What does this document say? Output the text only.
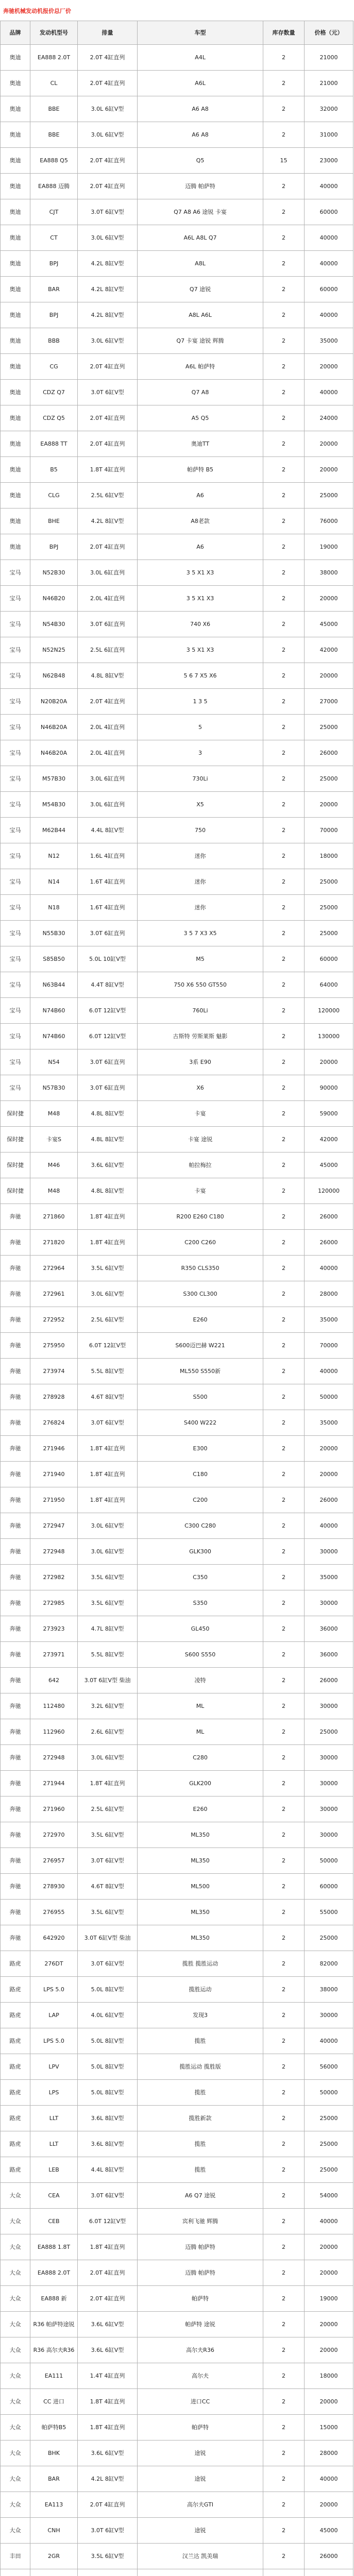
奔驰机械发动机报价总厂价
品牌	发动机型号	排量	车型	库存数量	价格（元）
奥迪	EA888 2.0T	2.0T 4缸直列	A4L	2	21000
奥迪	CL	2.0T 4缸直列	A6L	2	21000
奥迪	BBE	3.0L 6缸V型	A6 A8	2	32000
奥迪	BBE	3.0L 6缸V型	A6 A8	2	31000
奥迪	EA888 Q5	2.0T 4缸直列	Q5	15	23000
奥迪	EA888 迈腾	2.0T 4缸直列	迈腾 帕萨特	2	40000
奥迪	CJT	3.0T 6缸V型	Q7 A8 A6 途锐 卡宴	2	60000
奥迪	CT	3.0L 6缸V型	A6L A8L Q7	2	40000
奥迪	BPJ	4.2L 8缸V型	A8L	2	40000
奥迪	BAR	4.2L 8缸V型	Q7 途锐	2	60000
奥迪	BPJ	4.2L 8缸V型	A8L A6L	2	40000
奥迪	BBB	3.0L 6缸V型	Q7 卡宴 途锐 辉腾	2	35000
奥迪	CG	2.0T 4缸直列	A6L 帕萨特	2	20000
奥迪	CDZ Q7	3.0T 6缸V型	Q7 A8	2	40000
奥迪	CDZ Q5	2.0T 4缸直列	A5 Q5	2	24000
奥迪	EA888 TT	2.0T 4缸直列	奥迪TT	2	20000
奥迪	B5	1.8T 4缸直列	帕萨特 B5	2	20000
奥迪	CLG	2.5L 6缸V型	A6	2	25000
奥迪	BHE	4.2L 8缸V型	A8老款	2	76000
奥迪	BPJ	2.0T 4缸直列	A6	2	19000
宝马	N52B30	3.0L 6缸直列	3 5 X1 X3	2	38000
宝马	N46B20	2.0L 4缸直列	3 5 X1 X3	2	20000
宝马	N54B30	3.0T 6缸直列	740 X6	2	45000
宝马	N52N25	2.5L 6缸直列	3 5 X1 X3	2	42000
宝马	N62B48	4.8L 8缸V型	5 6 7 X5 X6	2	20000
宝马	N20B20A	2.0T 4缸直列	1 3 5	2	27000
宝马	N46B20A	2.0L 4缸直列	5	2	25000
宝马	N46B20A	2.0L 4缸直列	3	2	26000
宝马	M57B30	3.0L 6缸直列	730Li	2	25000
宝马	M54B30	3.0L 6缸直列	X5	2	20000
宝马	M62B44	4.4L 8缸V型	750	2	70000
宝马	N12	1.6L 4缸直列	迷你	2	18000
宝马	N14	1.6T 4缸直列	迷你	2	25000
宝马	N18	1.6T 4缸直列	迷你	2	25000
宝马	N55B30	3.0T 6缸直列	3 5 7 X3 X5	2	25000
宝马	S85B50	5.0L 10缸V型	M5	2	60000
宝马	N63B44	4.4T 8缸V型	750 X6 550 GT550	2	64000
宝马	N74B60	6.0T 12缸V型	760Li	2	120000
宝马	N74B60	6.0T 12缸V型	古斯特 劳斯莱斯 魅影	2	130000
宝马	N54	3.0T 6缸直列	3系 E90	2	20000
宝马	N57B30	3.0T 6缸直列	X6	2	90000
保时捷	M48	4.8L 8缸V型	卡宴	2	59000
保时捷	卡宴S	4.8L 8缸V型	卡宴 途锐	2	42000
保时捷	M46	3.6L 6缸V型	帕拉梅拉	2	45000
保时捷	M48	4.8L 8缸V型	卡宴	2	120000
奔驰	271860	1.8T 4缸直列	R200 E260 C180	2	26000
奔驰	271820	1.8T 4缸直列	C200 C260	2	26000
奔驰	272964	3.5L 6缸V型	R350 CLS350	2	40000
奔驰	272961	3.0L 6缸V型	S300 CL300	2	28000
奔驰	272952	2.5L 6缸V型	E260	2	35000
奔驰	275950	6.0T 12缸V型	S600迈巴赫 W221	2	70000
奔驰	273974	5.5L 8缸V型	ML550 S550新	2	40000
奔驰	278928	4.6T 8缸V型	S500	2	50000
奔驰	276824	3.0T 6缸V型	S400 W222	2	35000
奔驰	271946	1.8T 4缸直列	E300	2	20000
奔驰	271940	1.8T 4缸直列	C180	2	20000
奔驰	271950	1.8T 4缸直列	C200	2	26000
奔驰	272947	3.0L 6缸V型	C300 C280	2	40000
奔驰	272948	3.0L 6缸V型	GLK300	2	30000
奔驰	272982	3.5L 6缸V型	C350	2	35000
奔驰	272985	3.5L 6缸V型	S350	2	30000
奔驰	273923	4.7L 8缸V型	GL450	2	36000
奔驰	273971	5.5L 8缸V型	S600 S550	2	36000
奔驰	642	3.0T 6缸V型 柴油	凌特	2	26000
奔驰	112480	3.2L 6缸V型	ML	2	30000
奔驰	112960	2.6L 6缸V型	ML	2	25000
奔驰	272948	3.0L 6缸V型	C280	2	30000
奔驰	271944	1.8T 4缸直列	GLK200	2	30000
奔驰	271960	2.5L 6缸V型	E260	2	30000
奔驰	272970	3.5L 6缸V型	ML350	2	30000
奔驰	276957	3.0T 6缸V型	ML350	2	50000
奔驰	278930	4.6T 8缸V型	ML500	2	60000
奔驰	276955	3.5L 6缸V型	ML350	2	55000
奔驰	642920	3.0T 6缸V型 柴油	ML350	2	25000
路虎	276DT	3.0T 6缸V型	揽胜 揽胜运动	2	82000
路虎	LPS 5.0	5.0L 8缸V型	揽胜运动	2	38000
路虎	LAP	4.0L 6缸V型	发现3	2	30000
路虎	LPS 5.0	5.0L 8缸V型	揽胜	2	40000
路虎	LPV	5.0L 8缸V型	揽胜运动 揽胜版	2	56000
路虎	LPS	5.0L 8缸V型	揽胜	2	50000
路虎	LLT	3.6L 8缸V型	揽胜新款	2	25000
路虎	LLT	3.6L 8缸V型	揽胜	2	25000
路虎	LEB	4.4L 8缸V型	揽胜	2	25000
大众	CEA	3.0T 6缸V型	A6 Q7 途锐	2	54000
大众	CEB	6.0T 12缸V型	宾利飞驰 辉腾	2	40000
大众	EA888 1.8T	1.8T 4缸直列	迈腾 帕萨特	2	20000
大众	EA888 2.0T	2.0T 4缸直列	迈腾 帕萨特	2	20000
大众	EA888 新	2.0T 4缸直列	帕萨特	2	19000
大众	R36 帕萨特途锐	3.6L 6缸V型	帕萨特 途锐	2	20000
大众	R36 高尔夫R36	3.6L 6缸V型	高尔夫R36	2	20000
大众	EA111	1.4T 4缸直列	高尔夫	2	18000
大众	CC 进口	1.8T 4缸直列	进口CC	2	20000
大众	帕萨特B5	1.8T 4缸直列	帕萨特	2	15000
大众	BHK	3.6L 6缸V型	途锐	2	28000
大众	BAR	4.2L 8缸V型	途锐	2	40000
大众	EA113	2.0T 4缸直列	高尔夫GTI	2	20000
大众	CNH	3.0T 6缸V型	途锐	2	45000
丰田	2GR	3.5L 6缸V型	汉兰达 凯美瑞	2	26000
